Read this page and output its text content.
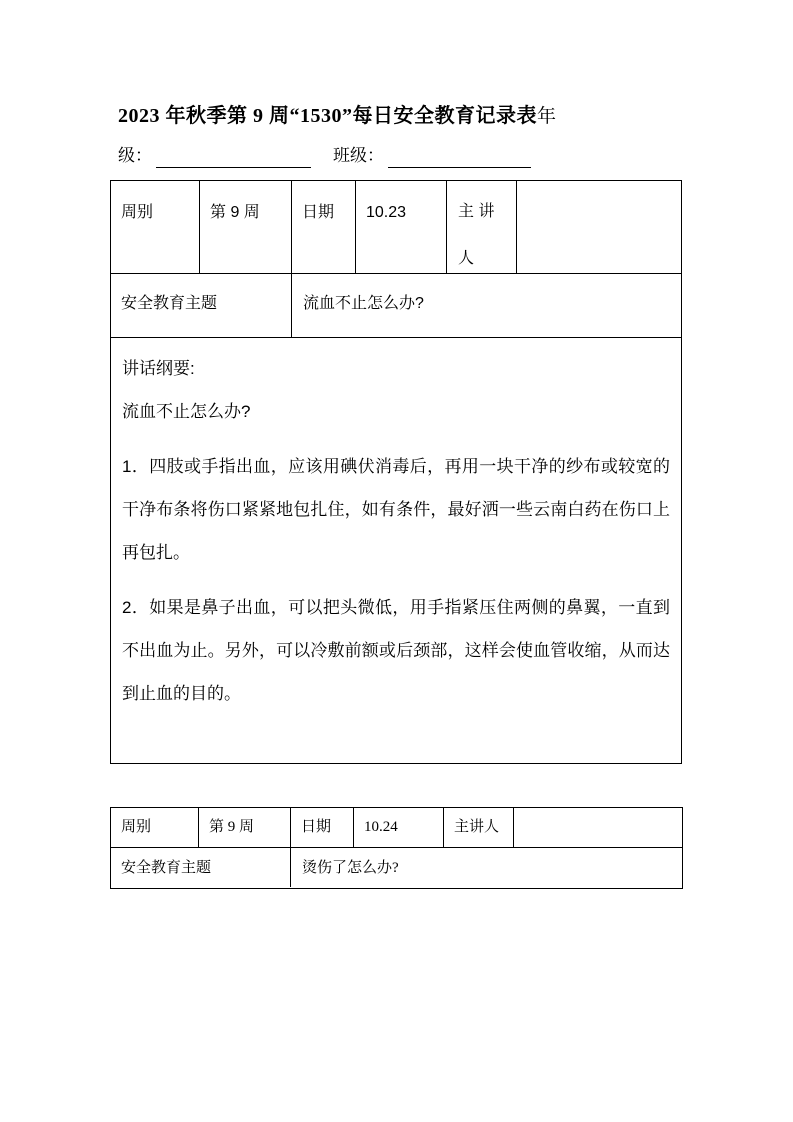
2023 年秋季第 9 周“1530”每日安全教育记录表年
级：	班级：
周别	第 9 周	日期 10.23	主 讲 人
安全教育主题	流血不止怎么办?
讲话纲要:
流血不止怎么办?

1．四肢或手指出血，应该用碘伏消毒后，再用一块干净的纱布或较宽的干净布条将伤口紧紧地包扎住，如有条件，最好洒一些云南白药在伤口上再包扎。

2．如果是鼻子出血，可以把头微低，用手指紧压住两侧的鼻翼，一直到不出血为止。另外，可以冷敷前额或后颈部，这样会使血管收缩，从而达到止血的目的。

周别	第 9 周	日期 10.24	主讲人
安全教育主题	烫伤了怎么办?
